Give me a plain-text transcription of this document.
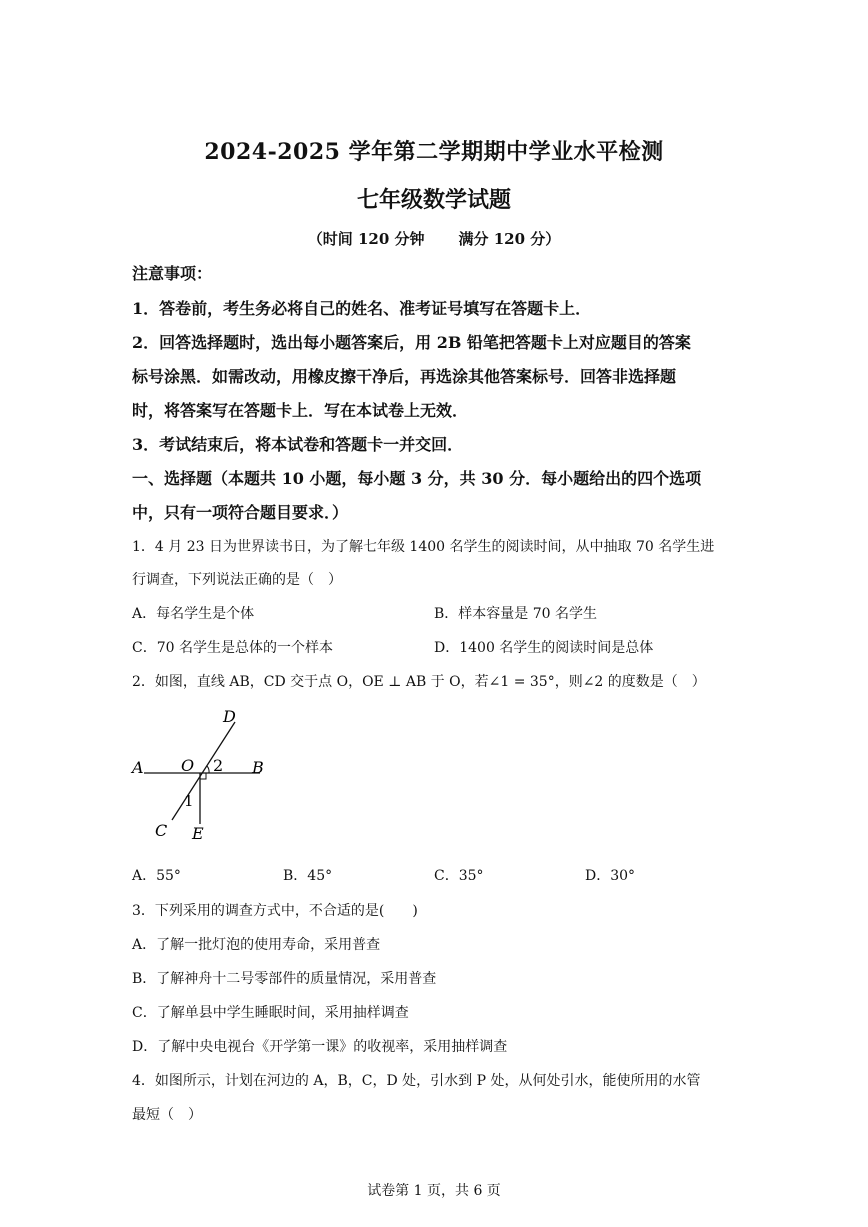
2024-2025 学年第二学期期中学业水平检测
七年级数学试题
（时间 120 分钟 满分 120 分）
注意事项：
1．答卷前，考生务必将自己的姓名、准考证号填写在答题卡上．
2．回答选择题时，选出每小题答案后，用 2B 铅笔把答题卡上对应题目的答案
标号涂黑．如需改动，用橡皮擦干净后，再选涂其他答案标号．回答非选择题
时，将答案写在答题卡上．写在本试卷上无效．
3．考试结束后，将本试卷和答题卡一并交回．
一、选择题（本题共 10 小题，每小题 3 分，共 30 分．每小题给出的四个选项
中，只有一项符合题目要求．）
1．4 月 23 日为世界读书日，为了解七年级 1400 名学生的阅读时间，从中抽取 70 名学生进
行调查，下列说法正确的是（　）
A．每名学生是个体	B．样本容量是 70 名学生
C．70 名学生是总体的一个样本	D．1400 名学生的阅读时间是总体
2．如图，直线 AB，CD 交于点 O，OE ⊥ AB 于 O，若∠1 = 35°，则∠2 的度数是（　）
A O 2 B
D
1
C E
A．55°	B．45°	C．35°	D．30°
3．下列采用的调查方式中，不合适的是(　　)
A．了解一批灯泡的使用寿命，采用普查
B．了解神舟十二号零部件的质量情况，采用普查
C．了解单县中学生睡眠时间，采用抽样调查
D．了解中央电视台《开学第一课》的收视率，采用抽样调查
4．如图所示，计划在河边的 A，B，C，D 处，引水到 P 处，从何处引水，能使所用的水管
最短（　）
试卷第 1 页，共 6 页
